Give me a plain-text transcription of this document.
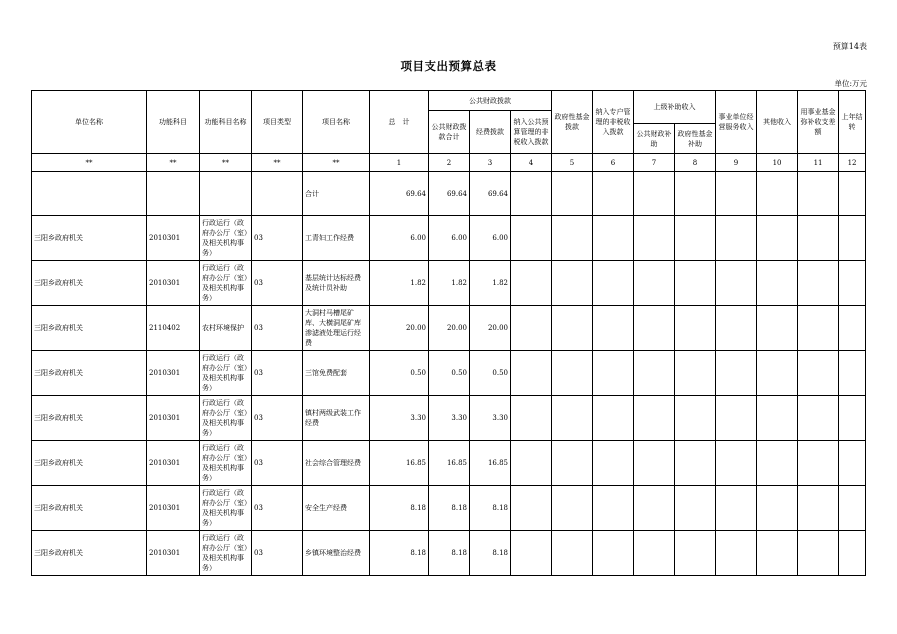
预算14表
项目支出预算总表
单位:万元
单位名称	功能科目	功能科目名称	项目类型	项目名称	总　计	公共财政拨款			政府性基金拨款	纳入专户管理的非税收入拨款	上级补助收入		事业单位经营服务收入	其他收入	用事业基金弥补收支差额	上年结转
						公共财政拨款合计	经费拨款	纳入公共预算管理的非税收入拨款								
											公共财政补助	政府性基金补助				
**	**	**	**	**	1	2	3	4	5	6	7	8	9	10	11	12
				合计	69.64	69.64	69.64									
三阳乡政府机关	2010301	行政运行（政府办公厅（室）及相关机构事务）	03	工青妇工作经费	6.00	6.00	6.00									
三阳乡政府机关	2010301	行政运行（政府办公厅（室）及相关机构事务）	03	基层统计达标经费及统计员补助	1.82	1.82	1.82									
三阳乡政府机关	2110402	农村环境保护	03	大洞村马槽尾矿库、大横洞尾矿库渗滤液处理运行经费	20.00	20.00	20.00									
三阳乡政府机关	2010301	行政运行（政府办公厅（室）及相关机构事务）	03	三馆免费配套	0.50	0.50	0.50									
三阳乡政府机关	2010301	行政运行（政府办公厅（室）及相关机构事务）	03	镇村两级武装工作经费	3.30	3.30	3.30									
三阳乡政府机关	2010301	行政运行（政府办公厅（室）及相关机构事务）	03	社会综合管理经费	16.85	16.85	16.85									
三阳乡政府机关	2010301	行政运行（政府办公厅（室）及相关机构事务）	03	安全生产经费	8.18	8.18	8.18									
三阳乡政府机关	2010301	行政运行（政府办公厅（室）及相关机构事务）	03	乡镇环境整治经费	8.18	8.18	8.18									
